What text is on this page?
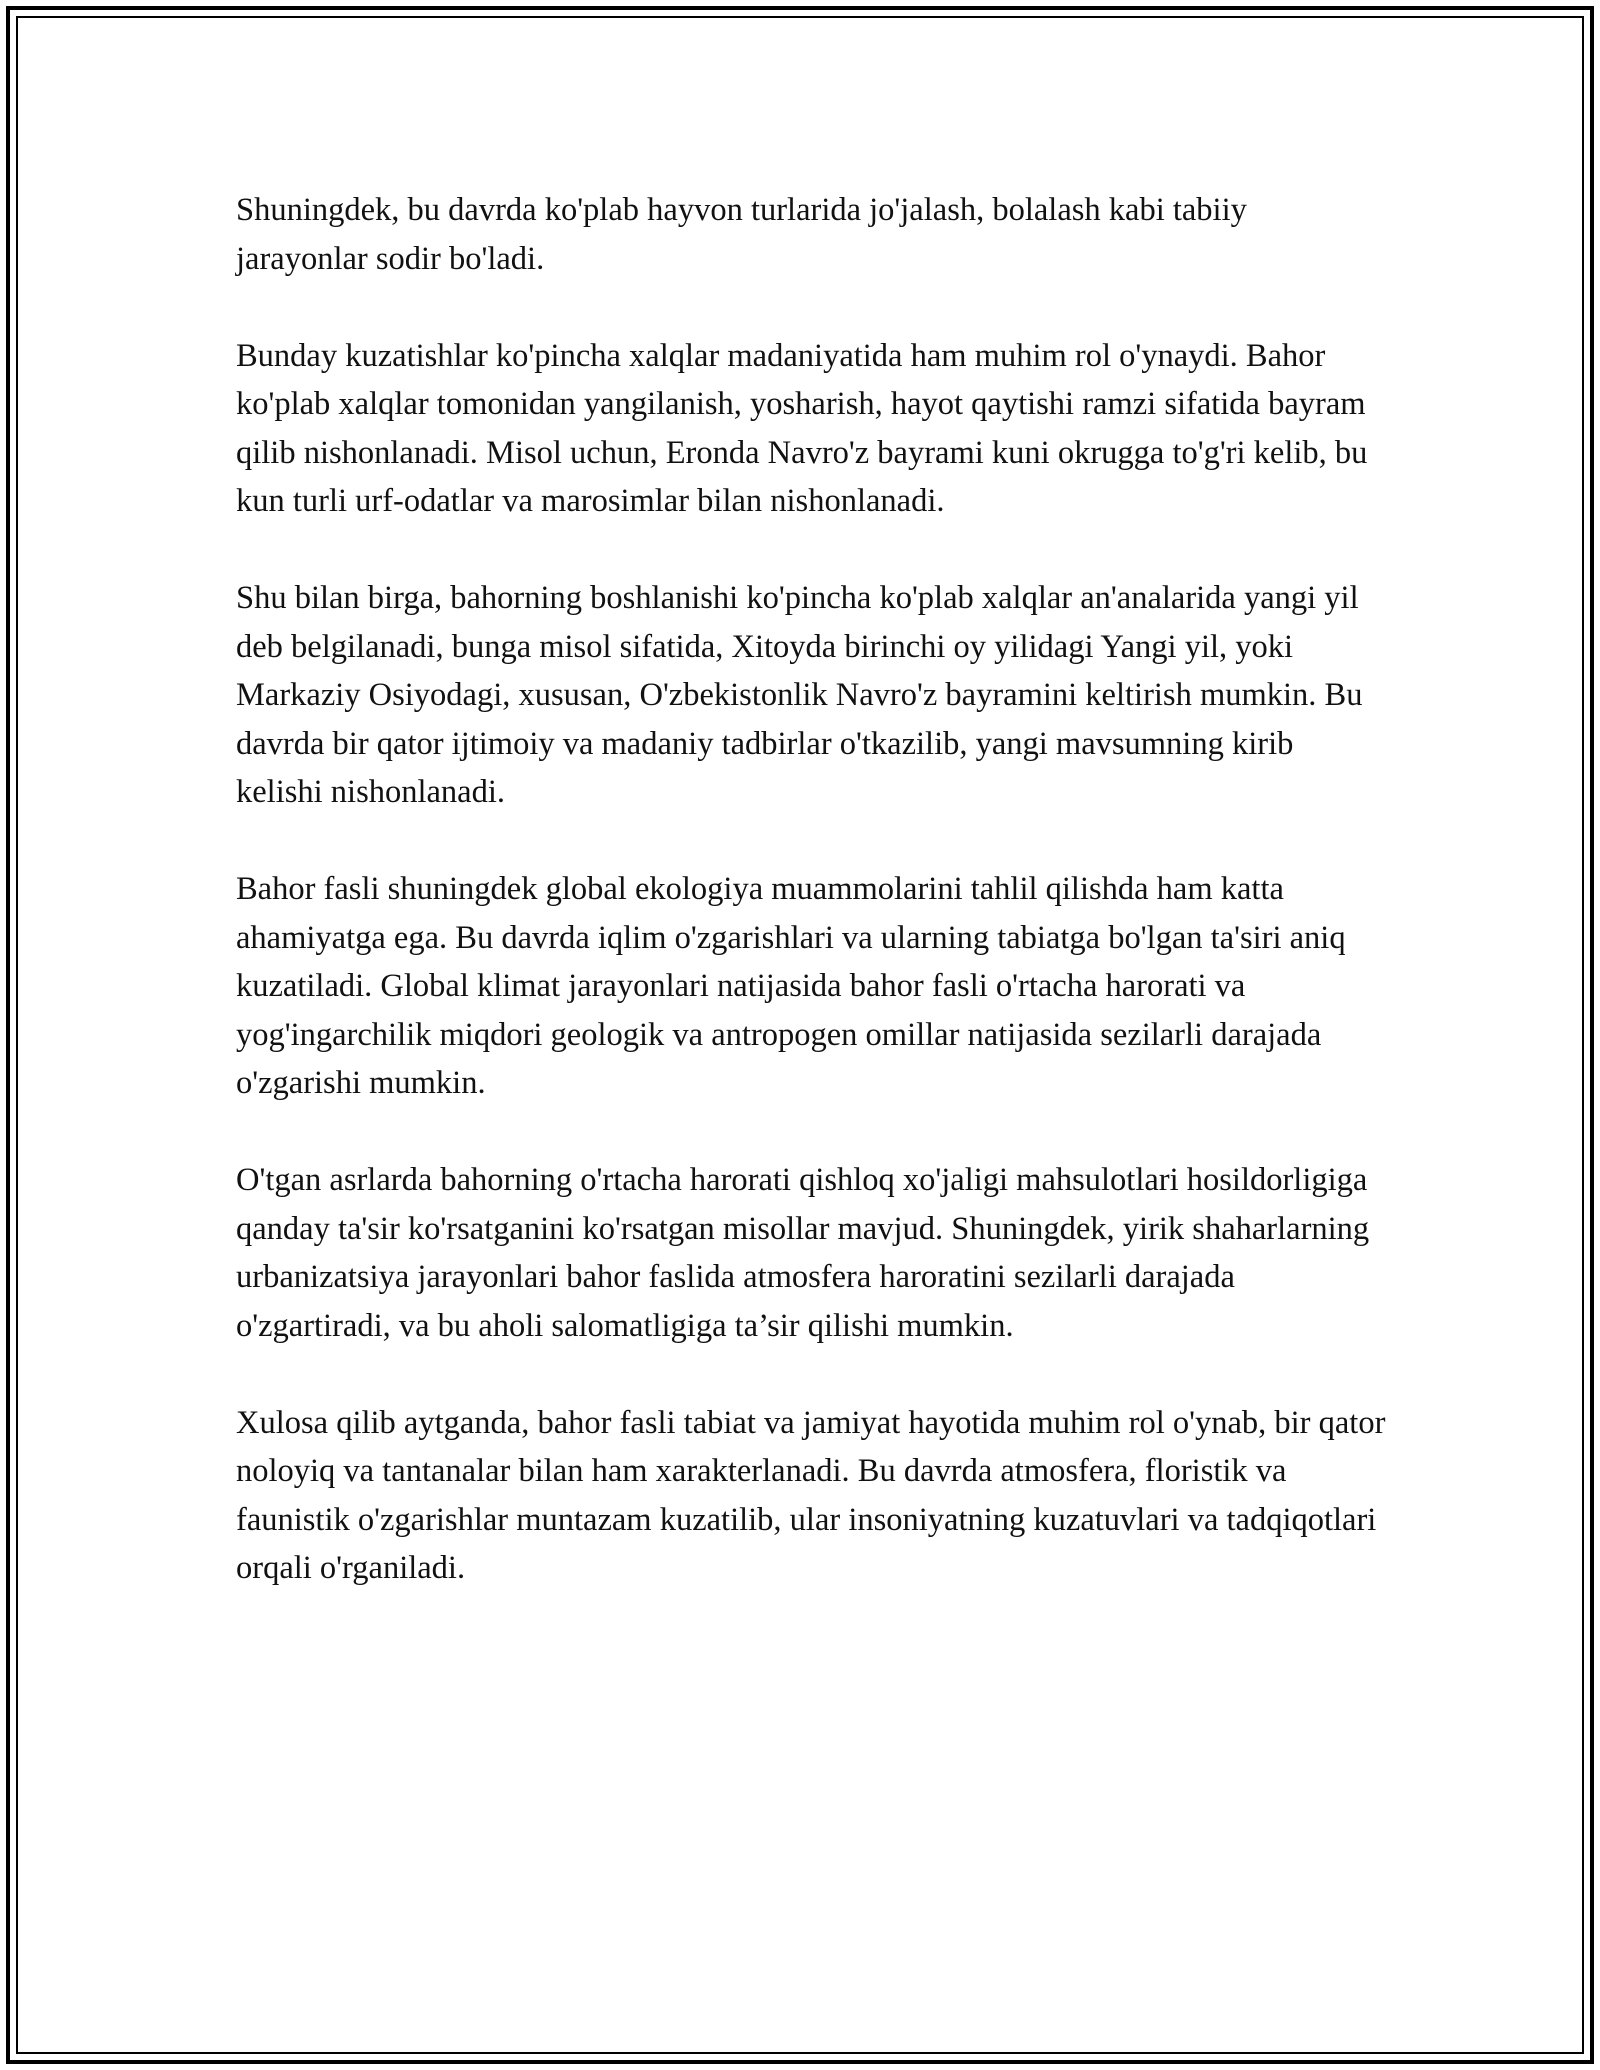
Shuningdek, bu davrda ko'plab hayvon turlarida jo'jalash, bolalash kabi tabiiy jarayonlar sodir bo'ladi.

Bunday kuzatishlar ko'pincha xalqlar madaniyatida ham muhim rol o'ynaydi. Bahor ko'plab xalqlar tomonidan yangilanish, yosharish, hayot qaytishi ramzi sifatida bayram qilib nishonlanadi. Misol uchun, Eronda Navro'z bayrami kuni okrugga to'g'ri kelib, bu kun turli urf-odatlar va marosimlar bilan nishonlanadi.

Shu bilan birga, bahorning boshlanishi ko'pincha ko'plab xalqlar an'analarida yangi yil deb belgilanadi, bunga misol sifatida, Xitoyda birinchi oy yilidagi Yangi yil, yoki Markaziy Osiyodagi, xususan, O'zbekistonlik Navro'z bayramini keltirish mumkin. Bu davrda bir qator ijtimoiy va madaniy tadbirlar o'tkazilib, yangi mavsumning kirib kelishi nishonlanadi.

Bahor fasli shuningdek global ekologiya muammolarini tahlil qilishda ham katta ahamiyatga ega. Bu davrda iqlim o'zgarishlari va ularning tabiatga bo'lgan ta'siri aniq kuzatiladi. Global klimat jarayonlari natijasida bahor fasli o'rtacha harorati va yog'ingarchilik miqdori geologik va antropogen omillar natijasida sezilarli darajada o'zgarishi mumkin.

O'tgan asrlarda bahorning o'rtacha harorati qishloq xo'jaligi mahsulotlari hosildorligiga qanday ta'sir ko'rsatganini ko'rsatgan misollar mavjud. Shuningdek, yirik shaharlarning urbanizatsiya jarayonlari bahor faslida atmosfera haroratini sezilarli darajada o'zgartiradi, va bu aholi salomatligiga ta’sir qilishi mumkin.

Xulosa qilib aytganda, bahor fasli tabiat va jamiyat hayotida muhim rol o'ynab, bir qator noloyiq va tantanalar bilan ham xarakterlanadi. Bu davrda atmosfera, floristik va faunistik o'zgarishlar muntazam kuzatilib, ular insoniyatning kuzatuvlari va tadqiqotlari orqali o'rganiladi.
